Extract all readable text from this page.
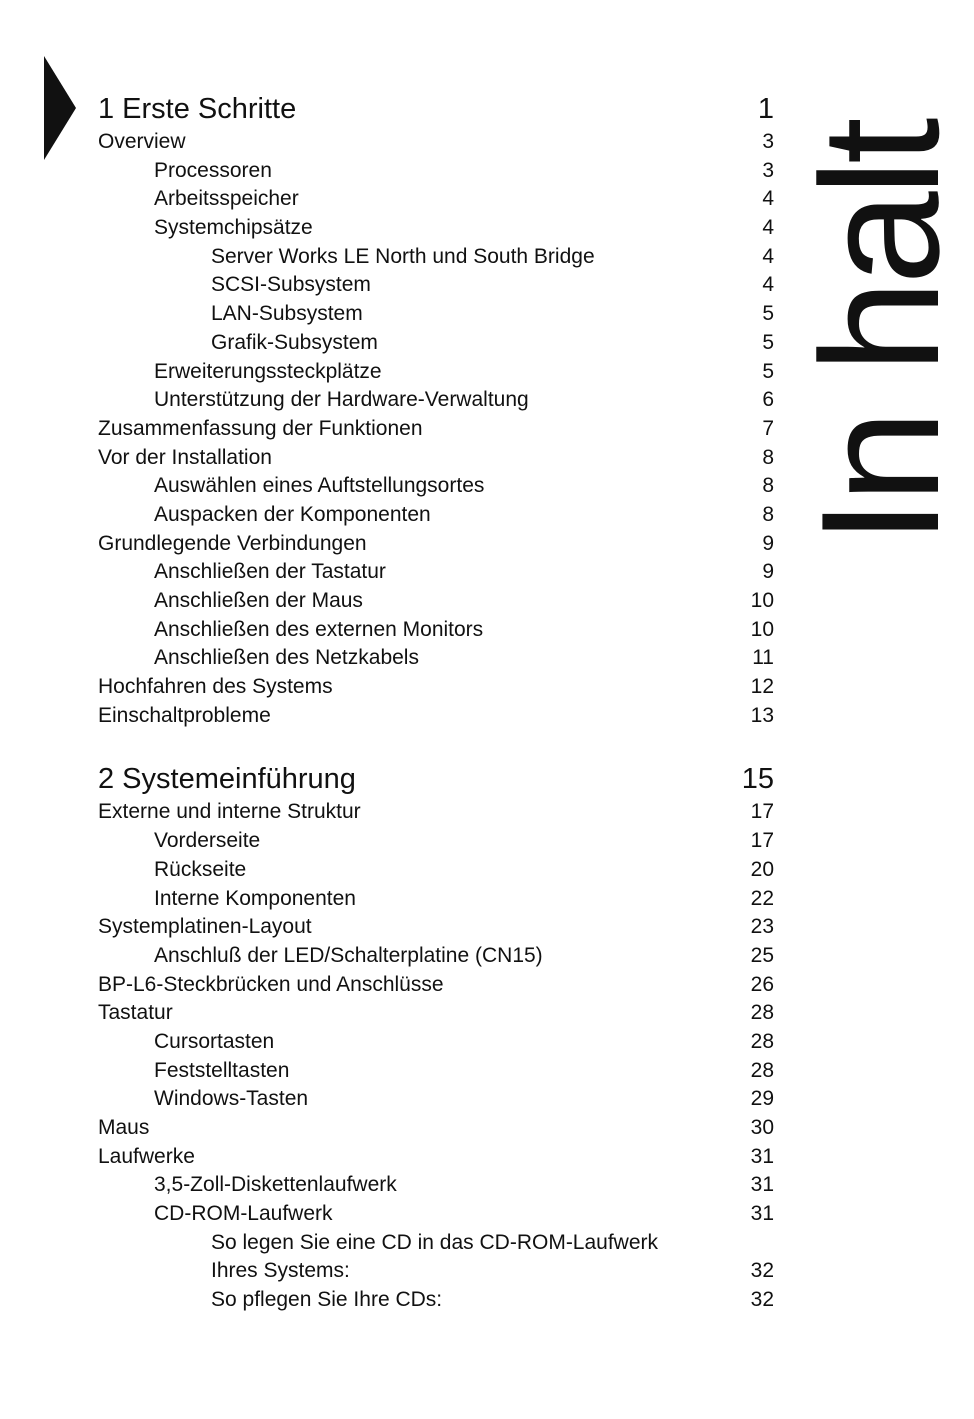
In halt
1 Erste Schritte	1
Overview	3
Processoren	3
Arbeitsspeicher	4
Systemchipsätze	4
Server Works LE North und South Bridge	4
SCSI-Subsystem	4
LAN-Subsystem	5
Grafik-Subsystem	5
Erweiterungssteckplätze	5
Unterstützung der Hardware-Verwaltung	6
Zusammenfassung der Funktionen	7
Vor der Installation	8
Auswählen eines Auftstellungsortes	8
Auspacken der Komponenten	8
Grundlegende Verbindungen	9
Anschließen der Tastatur	9
Anschließen der Maus	10
Anschließen des externen Monitors	10
Anschließen des Netzkabels	11
Hochfahren des Systems	12
Einschaltprobleme	13
2 Systemeinführung	15
Externe und interne Struktur	17
Vorderseite	17
Rückseite	20
Interne Komponenten	22
Systemplatinen-Layout	23
Anschluß der LED/Schalterplatine (CN15)	25
BP-L6-Steckbrücken und Anschlüsse	26
Tastatur	28
Cursortasten	28
Feststelltasten	28
Windows-Tasten	29
Maus	30
Laufwerke	31
3,5-Zoll-Diskettenlaufwerk	31
CD-ROM-Laufwerk	31
So legen Sie eine CD in das CD-ROM-Laufwerk
Ihres Systems:	32
So pflegen Sie Ihre CDs:	32
